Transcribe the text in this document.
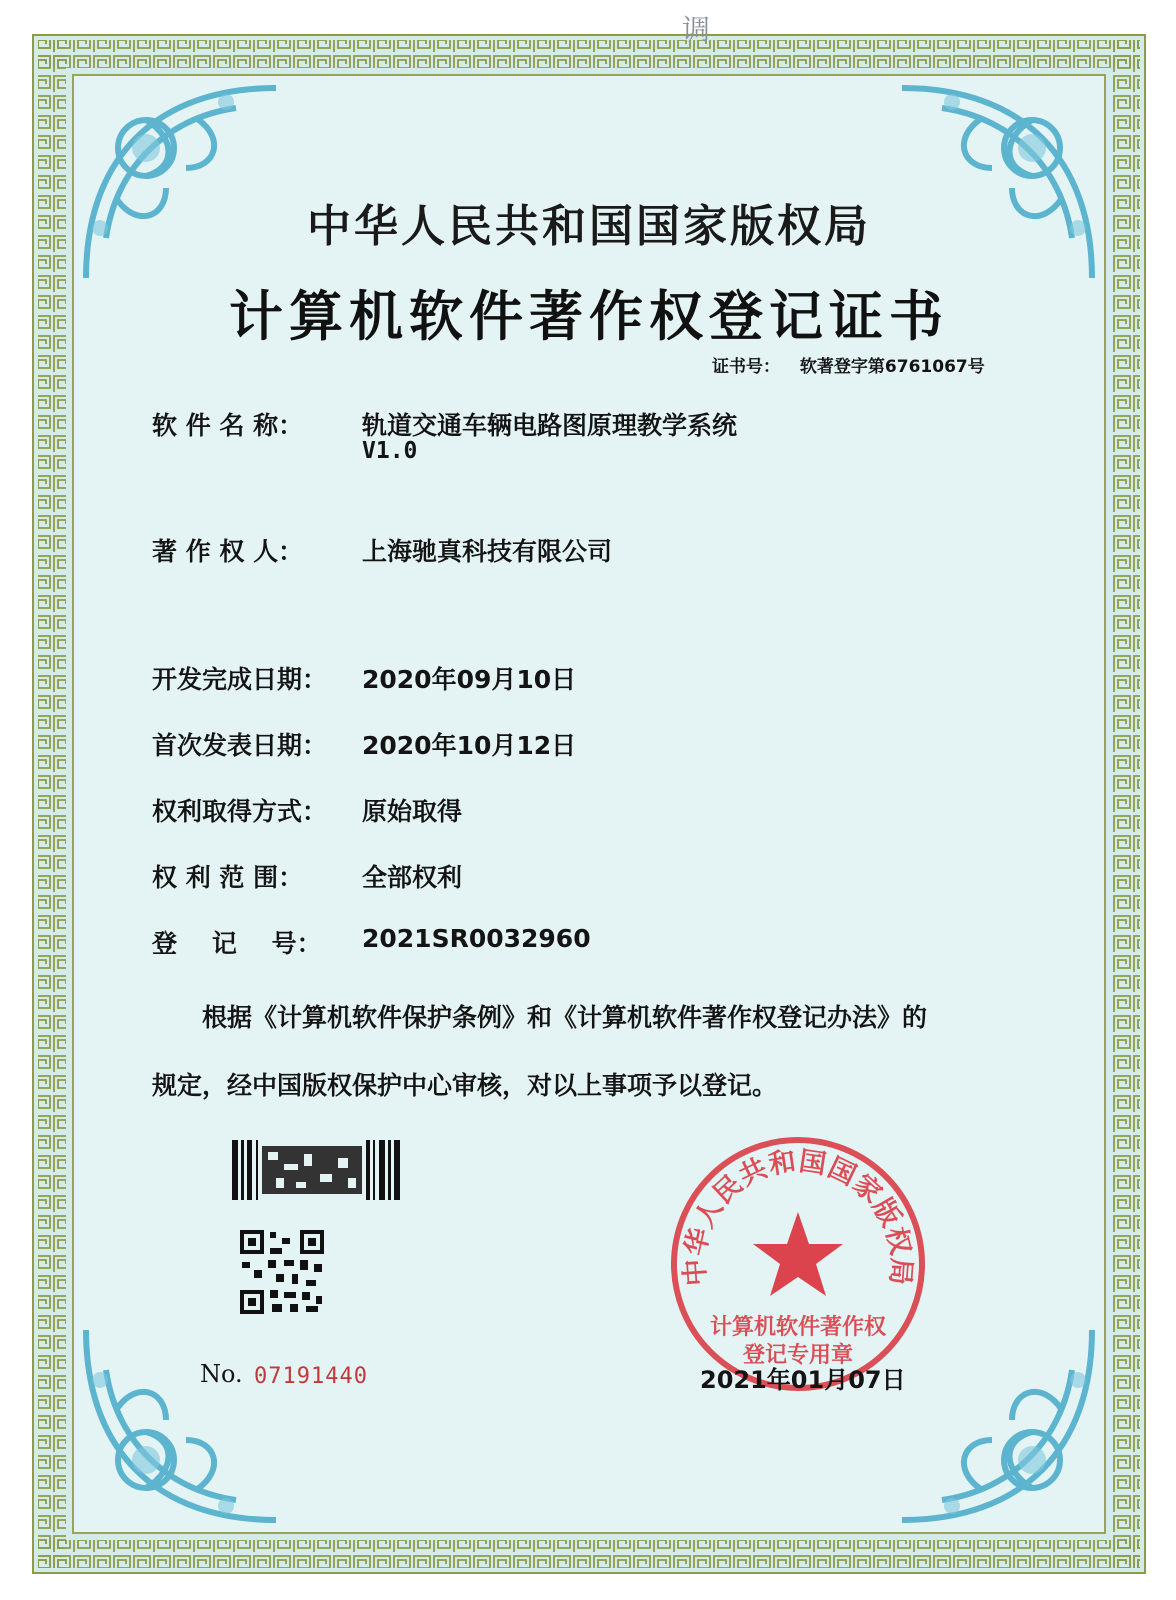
调
中华人民共和国国家版权局
计算机软件著作权登记证书
证书号： 软著登字第6761067号
软 件 名 称：	轨道交通车辆电路图原理教学系统
V1.0
著 作 权 人：	上海驰真科技有限公司
开发完成日期：	2020年09月10日
首次发表日期：	2020年10月12日
权利取得方式：	原始取得
权 利 范 围：	全部权利
登    记    号：	2021SR0032960
根据《计算机软件保护条例》和《计算机软件著作权登记办法》的
规定，经中国版权保护中心审核，对以上事项予以登记。
No. 07191440
中华人民共和国国家版权局
计算机软件著作权
登记专用章
2021年01月07日
